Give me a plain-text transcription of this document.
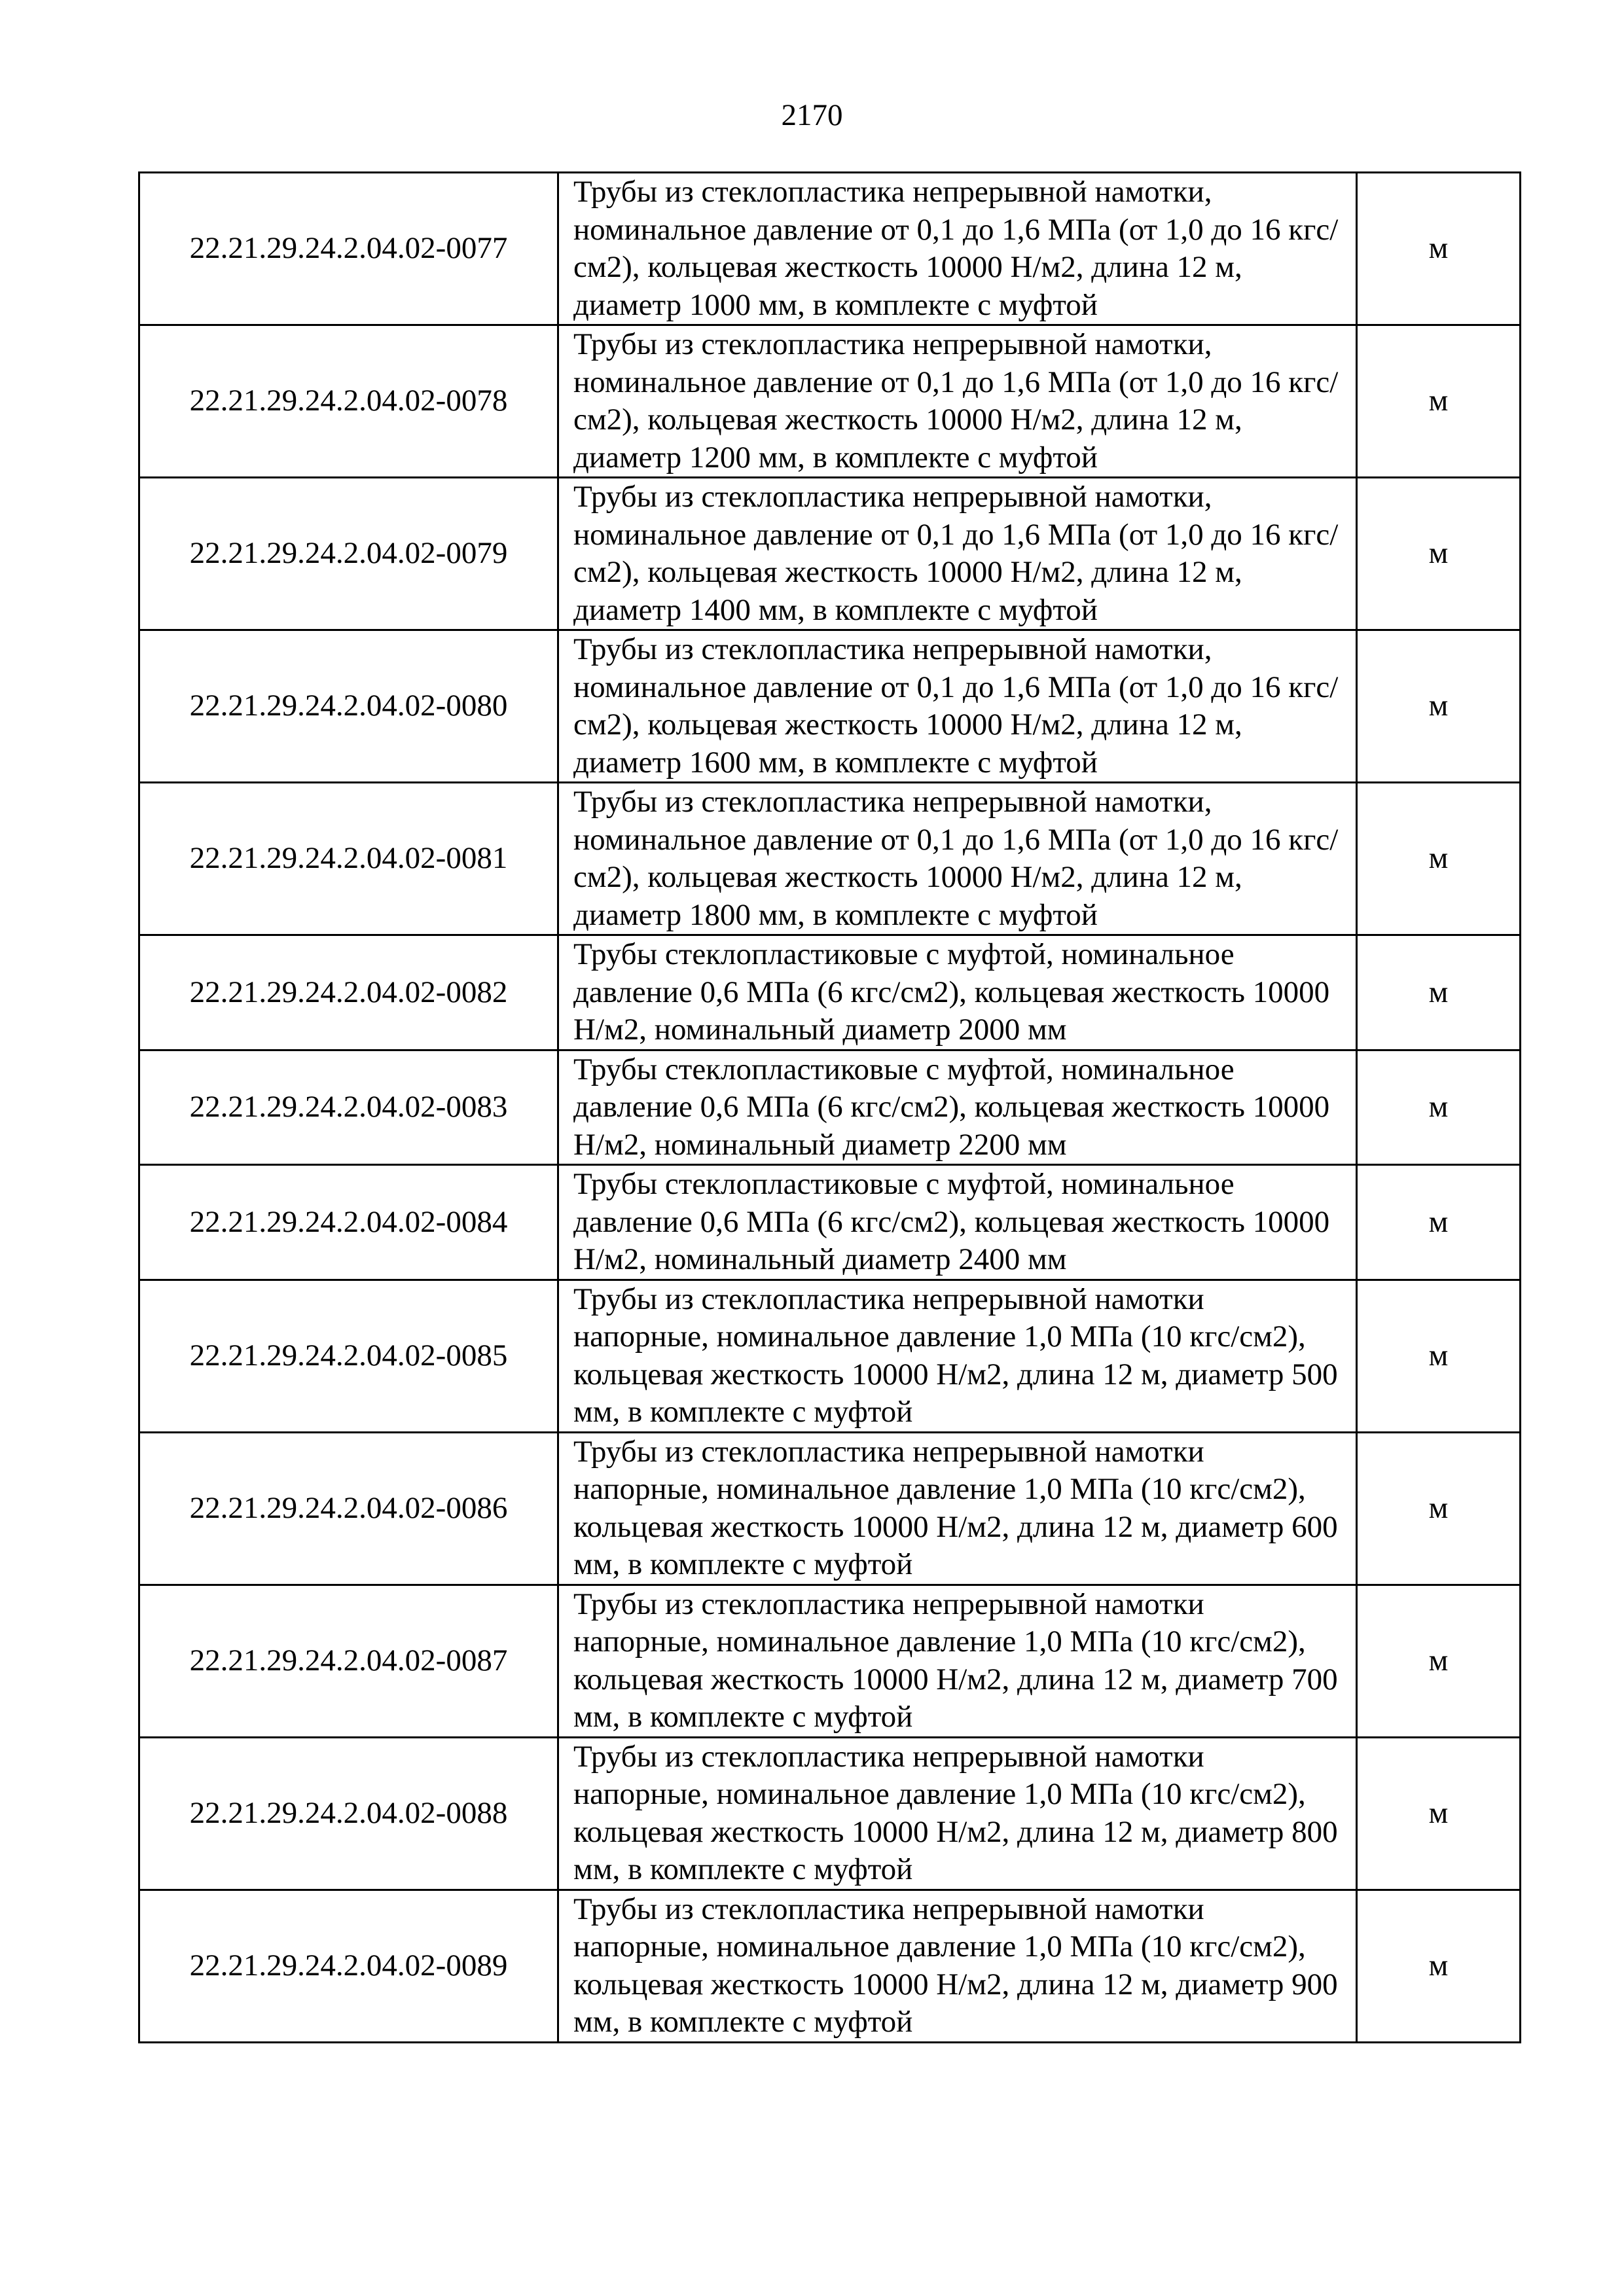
2170
22.21.29.24.2.04.02-0077	Трубы из стеклопластика непрерывной намотки, номинальное давление от 0,1 до 1,6 МПа (от 1,0 до 16 кгс/см2), кольцевая жесткость 10000 Н/м2, длина 12 м, диаметр 1000 мм, в комплекте с муфтой	м
22.21.29.24.2.04.02-0078	Трубы из стеклопластика непрерывной намотки, номинальное давление от 0,1 до 1,6 МПа (от 1,0 до 16 кгс/см2), кольцевая жесткость 10000 Н/м2, длина 12 м, диаметр 1200 мм, в комплекте с муфтой	м
22.21.29.24.2.04.02-0079	Трубы из стеклопластика непрерывной намотки, номинальное давление от 0,1 до 1,6 МПа (от 1,0 до 16 кгс/см2), кольцевая жесткость 10000 Н/м2, длина 12 м, диаметр 1400 мм, в комплекте с муфтой	м
22.21.29.24.2.04.02-0080	Трубы из стеклопластика непрерывной намотки, номинальное давление от 0,1 до 1,6 МПа (от 1,0 до 16 кгс/см2), кольцевая жесткость 10000 Н/м2, длина 12 м, диаметр 1600 мм, в комплекте с муфтой	м
22.21.29.24.2.04.02-0081	Трубы из стеклопластика непрерывной намотки, номинальное давление от 0,1 до 1,6 МПа (от 1,0 до 16 кгс/см2), кольцевая жесткость 10000 Н/м2, длина 12 м, диаметр 1800 мм, в комплекте с муфтой	м
22.21.29.24.2.04.02-0082	Трубы стеклопластиковые с муфтой, номинальное давление 0,6 МПа (6 кгс/см2), кольцевая жесткость 10000 Н/м2, номинальный диаметр 2000 мм	м
22.21.29.24.2.04.02-0083	Трубы стеклопластиковые с муфтой, номинальное давление 0,6 МПа (6 кгс/см2), кольцевая жесткость 10000 Н/м2, номинальный диаметр 2200 мм	м
22.21.29.24.2.04.02-0084	Трубы стеклопластиковые с муфтой, номинальное давление 0,6 МПа (6 кгс/см2), кольцевая жесткость 10000 Н/м2, номинальный диаметр 2400 мм	м
22.21.29.24.2.04.02-0085	Трубы из стеклопластика непрерывной намотки напорные, номинальное давление 1,0 МПа (10 кгс/см2), кольцевая жесткость 10000 Н/м2, длина 12 м, диаметр 500 мм, в комплекте с муфтой	м
22.21.29.24.2.04.02-0086	Трубы из стеклопластика непрерывной намотки напорные, номинальное давление 1,0 МПа (10 кгс/см2), кольцевая жесткость 10000 Н/м2, длина 12 м, диаметр 600 мм, в комплекте с муфтой	м
22.21.29.24.2.04.02-0087	Трубы из стеклопластика непрерывной намотки напорные, номинальное давление 1,0 МПа (10 кгс/см2), кольцевая жесткость 10000 Н/м2, длина 12 м, диаметр 700 мм, в комплекте с муфтой	м
22.21.29.24.2.04.02-0088	Трубы из стеклопластика непрерывной намотки напорные, номинальное давление 1,0 МПа (10 кгс/см2), кольцевая жесткость 10000 Н/м2, длина 12 м, диаметр 800 мм, в комплекте с муфтой	м
22.21.29.24.2.04.02-0089	Трубы из стеклопластика непрерывной намотки напорные, номинальное давление 1,0 МПа (10 кгс/см2), кольцевая жесткость 10000 Н/м2, длина 12 м, диаметр 900 мм, в комплекте с муфтой	м
